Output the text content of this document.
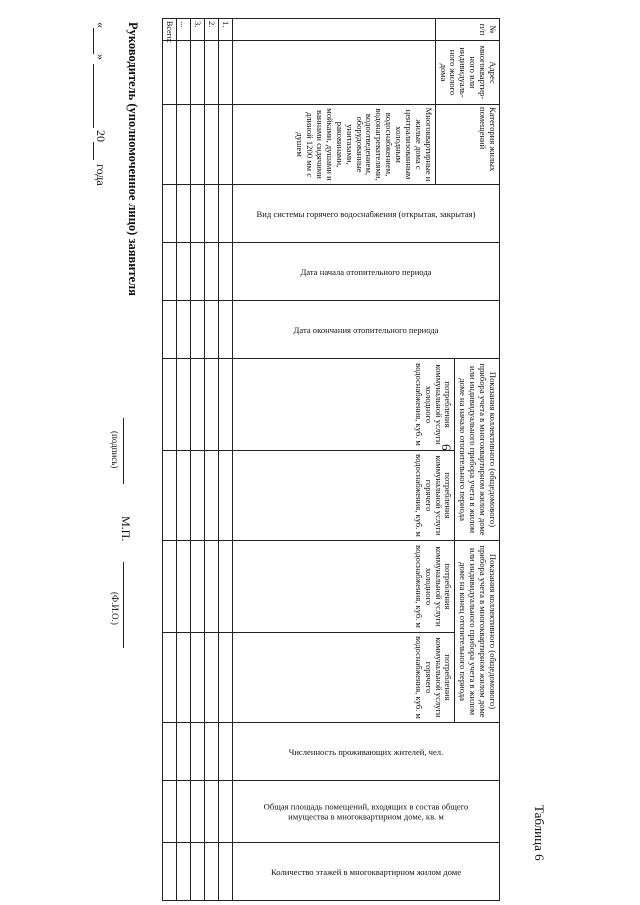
6
Таблица 6
№ п/п	Адрес многоквартир-ного или индивидуаль-ного жилого дома	Категория жилых помещений	Вид системы горячего водоснабжения (открытая, закрытая)	Дата начала отопительного периода	Дата окончания отопительного периода	Показания коллективного (общедомового) прибора учета в многоквартирном жилом доме или индивидуального прибора учета в жилом доме на начало отопительного периода		Показания коллективного (общедомового) прибора учета в многоквартирном жилом доме или индивидуального прибора учета в жилом доме на конец отопительного периода		Численность проживающих жителей, чел.	Общая площадь помещений, входящих в состав общего имущества в многоквартирном доме, кв. м	Количество этажей в многоквартирном жилом доме

						потребления коммунальной услуги холодного водоснабжения, куб. м	потребления коммунальной услуги горячего водоснабжения, куб. м	потребления коммунальной услуги холодного водоснабжения, куб. м	потребления коммунальной услуги горячего водоснабжения, куб. м			
		Многоквартирные и жилые дома с централизованным холодным водоснабжением, водонагревателями, водоотведением, оборудованные унитазами, раковинами, мойками, душами и ваннами сидячими длиной 1200 мм с душем										
1.												
2.												
3.												
...												
Всего:												
Руководитель (уполномоченное лицо) заявителя
(подпись)
М.П.
(Ф.И.О.)
«»20года
